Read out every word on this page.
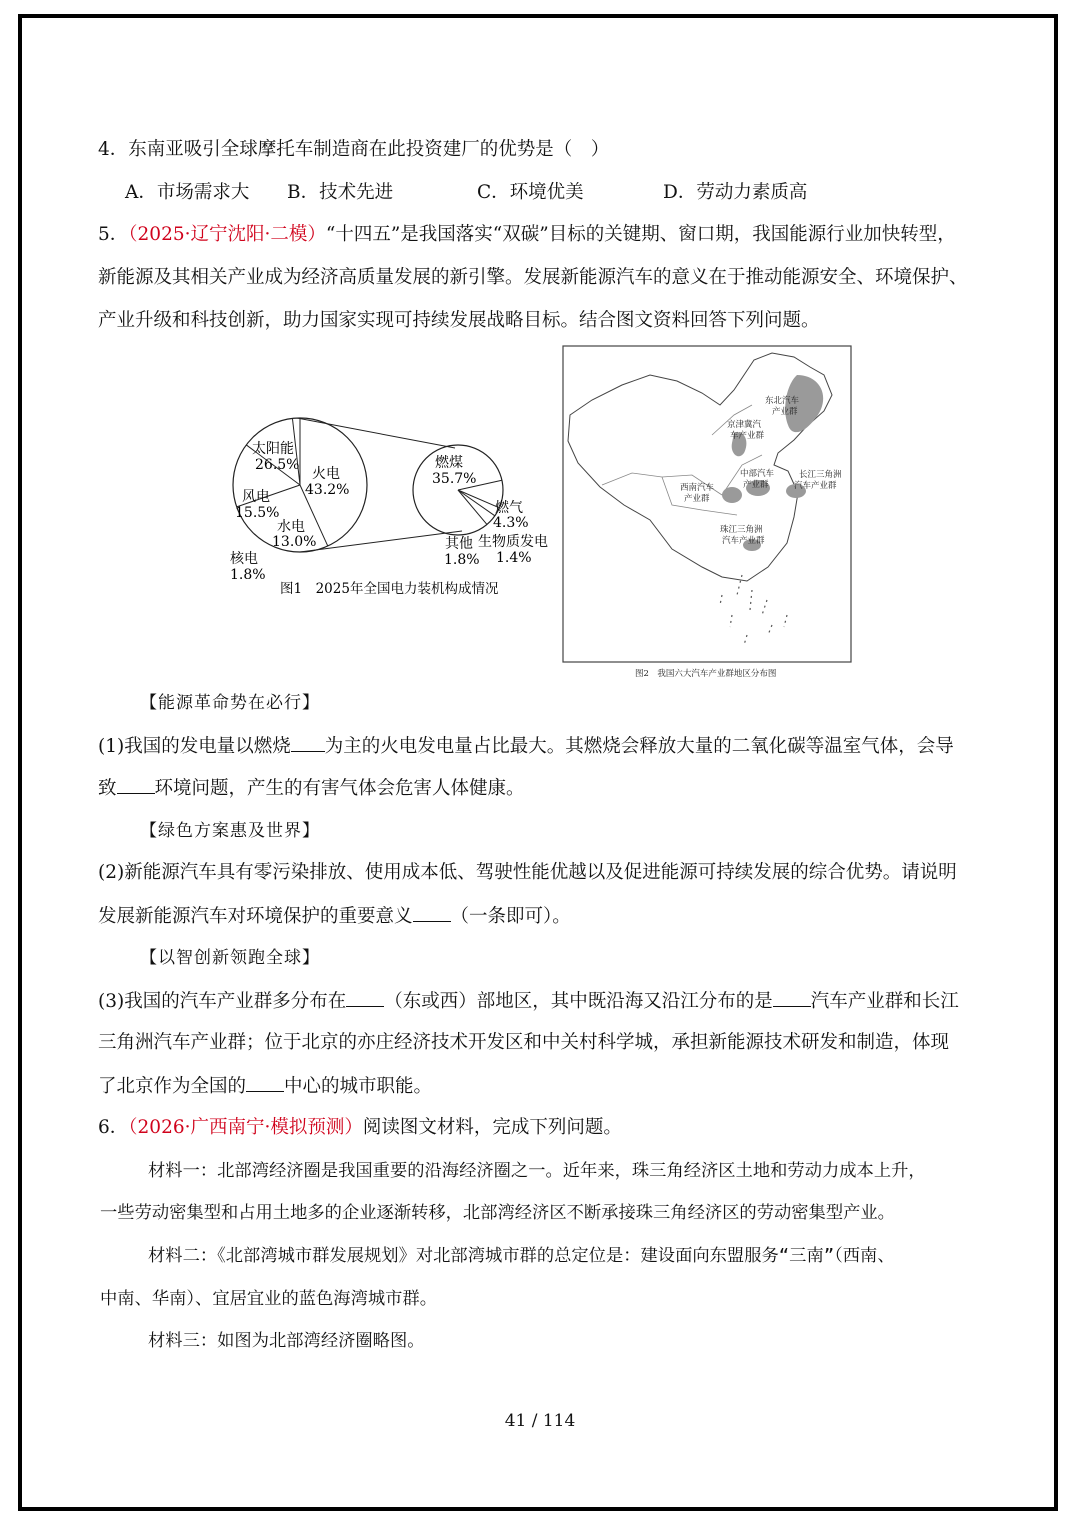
4．东南亚吸引全球摩托车制造商在此投资建厂的优势是（　）
A．市场需求大 B．技术先进	C．环境优美	D．劳动力素质高
5．（2025·辽宁沈阳·二模）“十四五”是我国落实“双碳”目标的关键期、窗口期，我国能源行业加快转型，
新能源及其相关产业成为经济高质量发展的新引擎。发展新能源汽车的意义在于推动能源安全、环境保护、
产业升级和科技创新，助力国家实现可持续发展战略目标。结合图文资料回答下列问题。
太阳能
26.5%
火电
43.2%
风电
15.5%
水电
13.0%
核电
1.8%
燃煤
35.7%
燃气
4.3%
其他
1.8%
生物质发电
1.4%
图1　2025年全国电力装机构成情况
东北汽车
产业群
京津冀汽
车产业群
中部汽车
产业群
长江三角洲
汽车产业群
西南汽车
产业群
珠江三角洲
汽车产业群
图2　我国六大汽车产业群地区分布图
【能源革命势在必行】
(1)我国的发电量以燃烧 为主的火电发电量占比最大。其燃烧会释放大量的二氧化碳等温室气体，会导
致 环境问题，产生的有害气体会危害人体健康。
【绿色方案惠及世界】
(2)新能源汽车具有零污染排放、使用成本低、驾驶性能优越以及促进能源可持续发展的综合优势。请说明
发展新能源汽车对环境保护的重要意义 （一条即可）。
【以智创新领跑全球】
(3)我国的汽车产业群多分布在 （东或西）部地区，其中既沿海又沿江分布的是 汽车产业群和长江
三角洲汽车产业群；位于北京的亦庄经济技术开发区和中关村科学城，承担新能源技术研发和制造，体现
了北京作为全国的 中心的城市职能。
6．（2026·广西南宁·模拟预测）阅读图文材料，完成下列问题。
材料一：北部湾经济圈是我国重要的沿海经济圈之一。近年来，珠三角经济区土地和劳动力成本上升，
一些劳动密集型和占用土地多的企业逐渐转移，北部湾经济区不断承接珠三角经济区的劳动密集型产业。
材料二：《北部湾城市群发展规划》对北部湾城市群的总定位是：建设面向东盟服务“三南”（西南、
中南、华南）、宜居宜业的蓝色海湾城市群。
材料三：如图为北部湾经济圈略图。
41 / 114
